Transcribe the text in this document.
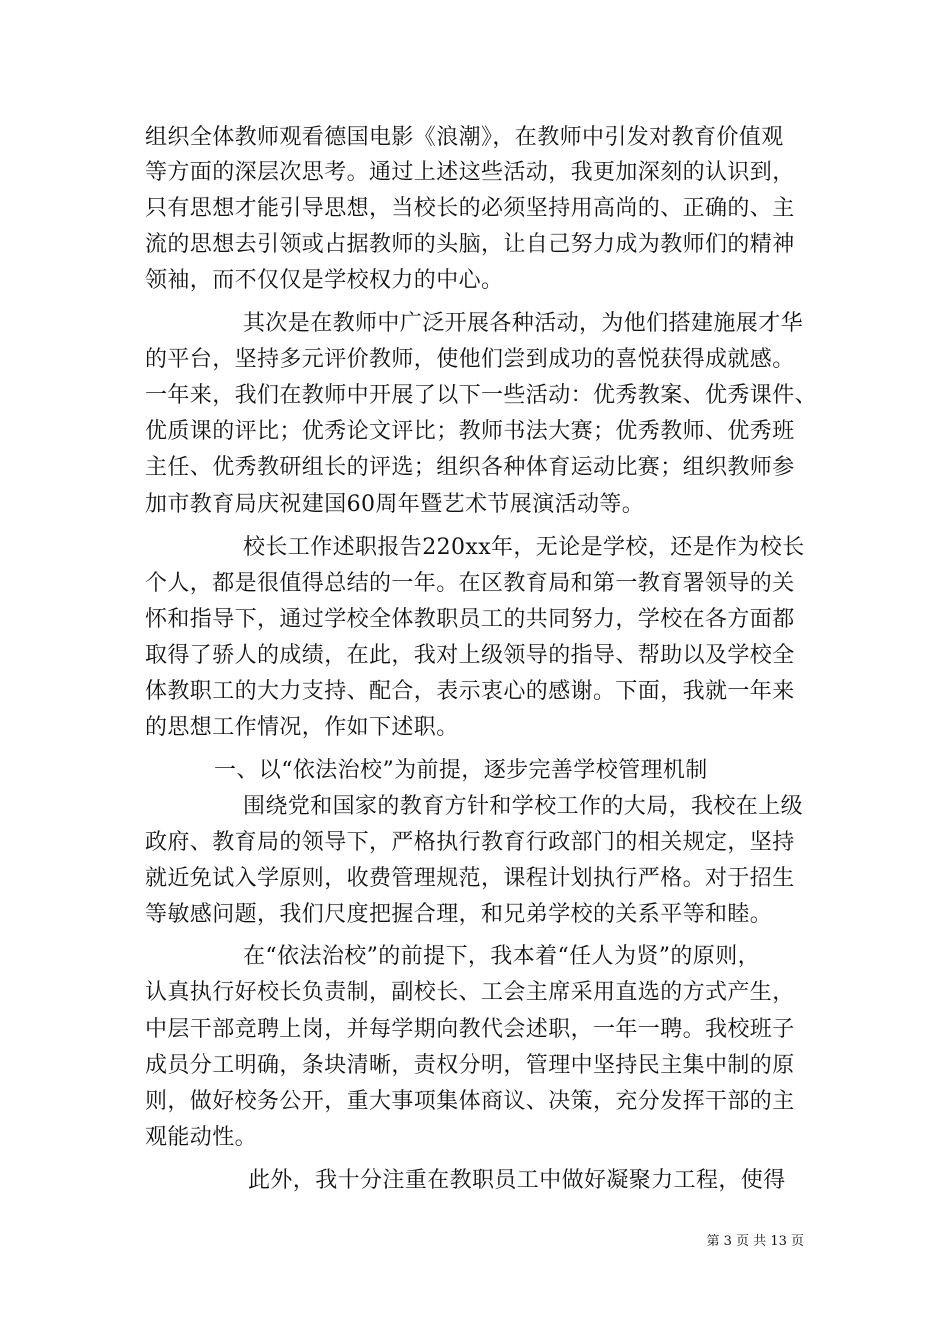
组织全体教师观看德国电影《浪潮》，在教师中引发对教育价值观
等方面的深层次思考。通过上述这些活动，我更加深刻的认识到，
只有思想才能引导思想，当校长的必须坚持用高尚的、正确的、主
流的思想去引领或占据教师的头脑，让自己努力成为教师们的精神
领袖，而不仅仅是学校权力的中心。
其次是在教师中广泛开展各种活动，为他们搭建施展才华
的平台，坚持多元评价教师，使他们尝到成功的喜悦获得成就感。
一年来，我们在教师中开展了以下一些活动：优秀教案、优秀课件、
优质课的评比；优秀论文评比；教师书法大赛；优秀教师、优秀班
主任、优秀教研组长的评选；组织各种体育运动比赛；组织教师参
加市教育局庆祝建国60周年暨艺术节展演活动等。
校长工作述职报告220xx年，无论是学校，还是作为校长
个人，都是很值得总结的一年。在区教育局和第一教育署领导的关
怀和指导下，通过学校全体教职员工的共同努力，学校在各方面都
取得了骄人的成绩，在此，我对上级领导的指导、帮助以及学校全
体教职工的大力支持、配合，表示衷心的感谢。下面，我就一年来
的思想工作情况，作如下述职。
一、以“依法治校”为前提，逐步完善学校管理机制
围绕党和国家的教育方针和学校工作的大局，我校在上级
政府、教育局的领导下，严格执行教育行政部门的相关规定，坚持
就近免试入学原则，收费管理规范，课程计划执行严格。对于招生
等敏感问题，我们尺度把握合理，和兄弟学校的关系平等和睦。
在“依法治校”的前提下，我本着“任人为贤”的原则，
认真执行好校长负责制，副校长、工会主席采用直选的方式产生，
中层干部竞聘上岗，并每学期向教代会述职，一年一聘。我校班子
成员分工明确，条块清晰，责权分明，管理中坚持民主集中制的原
则，做好校务公开，重大事项集体商议、决策，充分发挥干部的主
观能动性。
此外，我十分注重在教职员工中做好凝聚力工程，使得
第 3 页 共 13 页
